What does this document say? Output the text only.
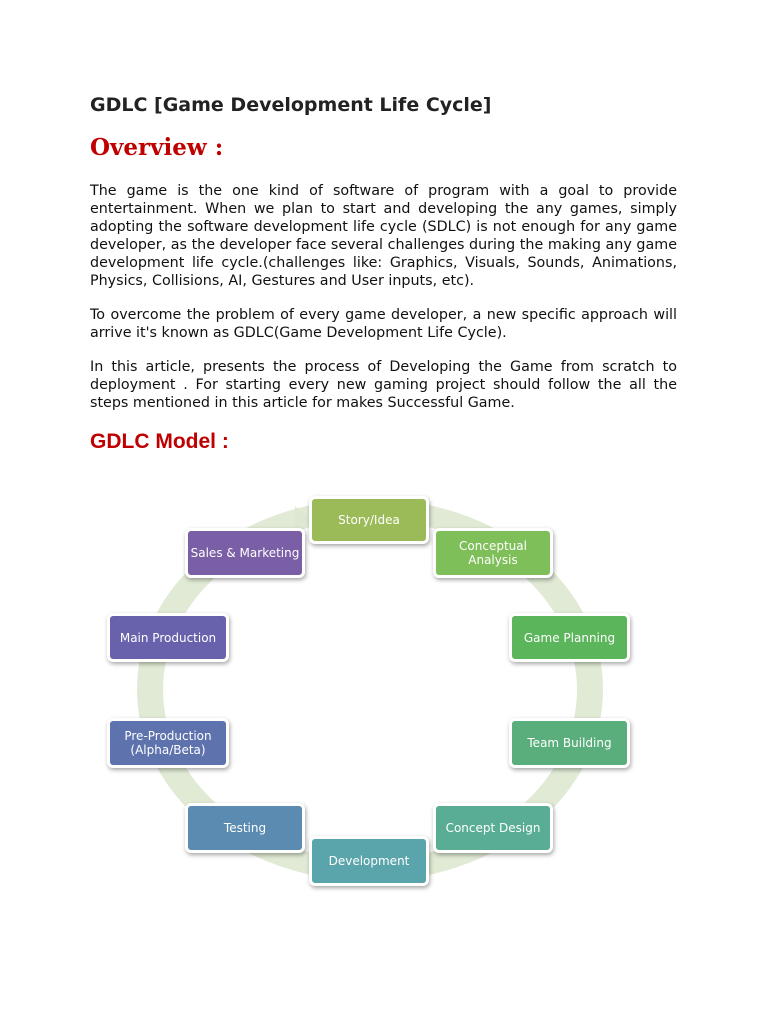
GDLC [Game Development Life Cycle]
Overview :

The game is the one kind of software of program with a goal to provide entertainment. When we plan to start and developing the any games, simply adopting the software development life cycle (SDLC) is not enough for any game developer, as the developer face several challenges during the making any game development life cycle.(challenges like: Graphics, Visuals, Sounds, Animations, Physics, Collisions, AI, Gestures and User inputs, etc).

To overcome the problem of every game developer, a new specific approach will arrive it's known as GDLC(Game Development Life Cycle).

In this article, presents the process of Developing the Game from scratch to deployment . For starting every new gaming project should follow the all the steps mentioned in this article for makes Successful Game.

GDLC Model :
Story/Idea
Conceptual Analysis
Game Planning
Team Building
Concept Design
Development
Testing
Pre-Production (Alpha/Beta)
Main Production
Sales & Marketing
